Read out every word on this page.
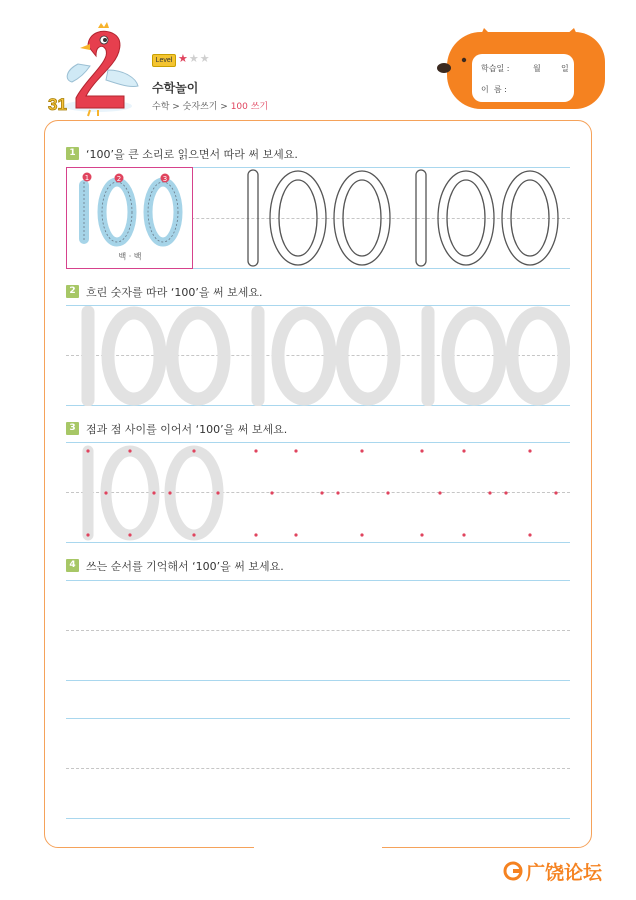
31
Level ★★★
수학놀이
수학 > 숫자쓰기 > 100 쓰기
학습일 :	월	일
이  름 :
1 ‘100’을 큰 소리로 읽으면서 따라 써 보세요.
1	2	3
백 · 백
2 흐린 숫자를 따라 ‘100’을 써 보세요.
3 점과 점 사이를 이어서 ‘100’을 써 보세요.
4 쓰는 순서를 기억해서 ‘100’을 써 보세요.
广饶论坛
